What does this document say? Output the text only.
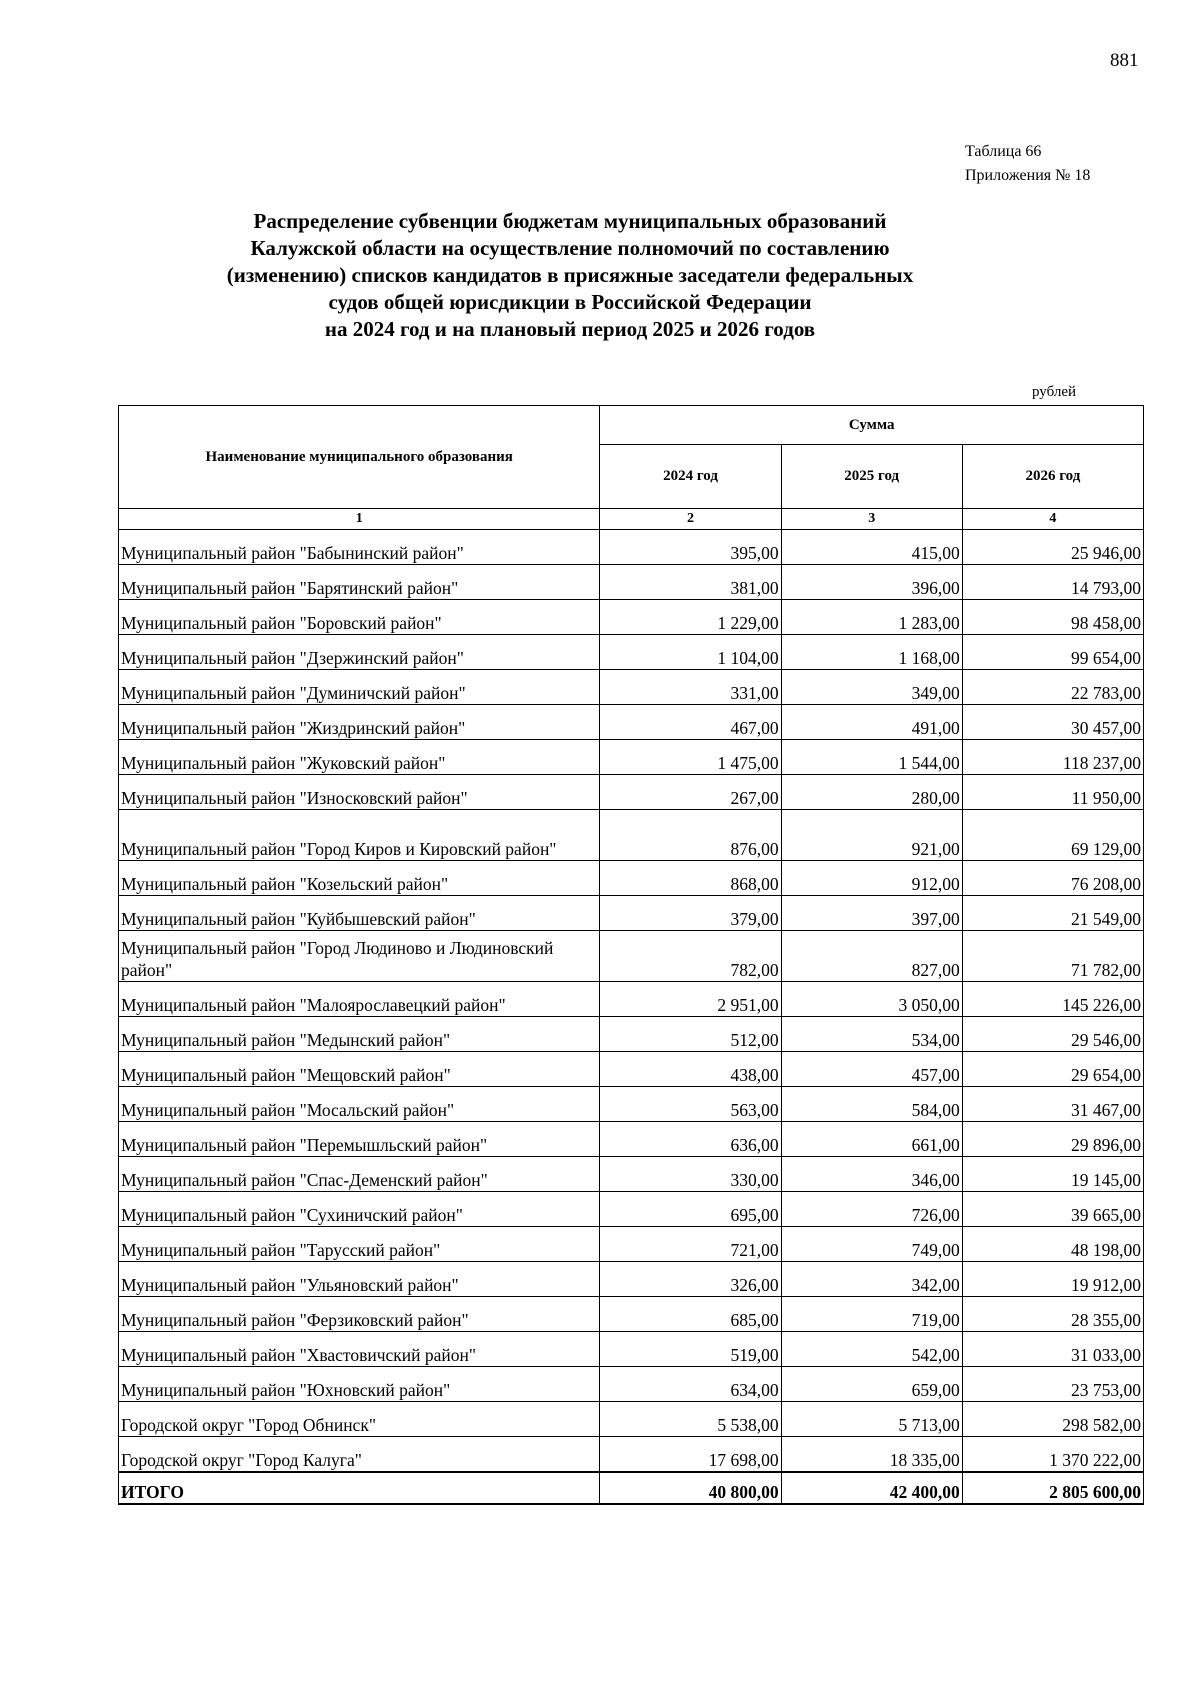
881
Таблица 66
Приложения № 18
Распределение субвенции бюджетам муниципальных образований
Калужской области на осуществление полномочий по составлению
(изменению) списков кандидатов в присяжные заседатели федеральных
судов общей юрисдикции в Российской Федерации
на 2024 год и на плановый период 2025 и 2026 годов
рублей
Наименование муниципального образования	Сумма		
	2024 год	2025 год	2026 год
1	2	3	4
Муниципальный район "Бабынинский район"	395,00	415,00	25 946,00
Муниципальный район "Барятинский район"	381,00	396,00	14 793,00
Муниципальный район "Боровский район"	1 229,00	1 283,00	98 458,00
Муниципальный район "Дзержинский район"	1 104,00	1 168,00	99 654,00
Муниципальный район "Думиничский район"	331,00	349,00	22 783,00
Муниципальный район "Жиздринский район"	467,00	491,00	30 457,00
Муниципальный район "Жуковский район"	1 475,00	1 544,00	118 237,00
Муниципальный район "Износковский район"	267,00	280,00	11 950,00
Муниципальный район "Город Киров и Кировский район"	876,00	921,00	69 129,00
Муниципальный район "Козельский район"	868,00	912,00	76 208,00
Муниципальный район "Куйбышевский район"	379,00	397,00	21 549,00
Муниципальный район "Город Людиново и Людиновский район"	782,00	827,00	71 782,00
Муниципальный район "Малоярославецкий район"	2 951,00	3 050,00	145 226,00
Муниципальный район "Медынский район"	512,00	534,00	29 546,00
Муниципальный район "Мещовский район"	438,00	457,00	29 654,00
Муниципальный район "Мосальский район"	563,00	584,00	31 467,00
Муниципальный район "Перемышльский район"	636,00	661,00	29 896,00
Муниципальный район "Спас-Деменский район"	330,00	346,00	19 145,00
Муниципальный район "Сухиничский район"	695,00	726,00	39 665,00
Муниципальный район "Тарусский район"	721,00	749,00	48 198,00
Муниципальный район "Ульяновский район"	326,00	342,00	19 912,00
Муниципальный район "Ферзиковский район"	685,00	719,00	28 355,00
Муниципальный район "Хвастовичский район"	519,00	542,00	31 033,00
Муниципальный район "Юхновский район"	634,00	659,00	23 753,00
Городской округ "Город Обнинск"	5 538,00	5 713,00	298 582,00
Городской округ "Город Калуга"	17 698,00	18 335,00	1 370 222,00
ИТОГО	40 800,00	42 400,00	2 805 600,00
